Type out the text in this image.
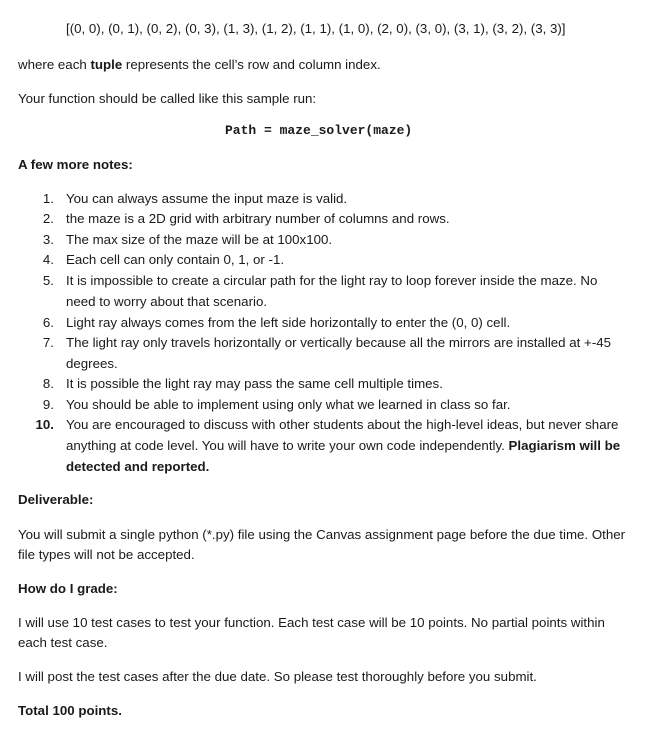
[(0, 0), (0, 1), (0, 2), (0, 3), (1, 3), (1, 2), (1, 1), (1, 0), (2, 0), (3, 0), (3, 1), (3, 2), (3, 3)]
where each tuple represents the cell’s row and column index.
Your function should be called like this sample run:
Path = maze_solver(maze)
A few more notes:
1. You can always assume the input maze is valid.
2. the maze is a 2D grid with arbitrary number of columns and rows.
3. The max size of the maze will be at 100x100.
4. Each cell can only contain 0, 1, or -1.
5. It is impossible to create a circular path for the light ray to loop forever inside the maze. No
need to worry about that scenario.
6. Light ray always comes from the left side horizontally to enter the (0, 0) cell.
7. The light ray only travels horizontally or vertically because all the mirrors are installed at +-45
degrees.
8. It is possible the light ray may pass the same cell multiple times.
9. You should be able to implement using only what we learned in class so far.
10. You are encouraged to discuss with other students about the high-level ideas, but never share
anything at code level. You will have to write your own code independently. Plagiarism will be
detected and reported.
Deliverable:
You will submit a single python (*.py) file using the Canvas assignment page before the due time. Other
file types will not be accepted.
How do I grade:
I will use 10 test cases to test your function. Each test case will be 10 points. No partial points within
each test case.
I will post the test cases after the due date. So please test thoroughly before you submit.
Total 100 points.
